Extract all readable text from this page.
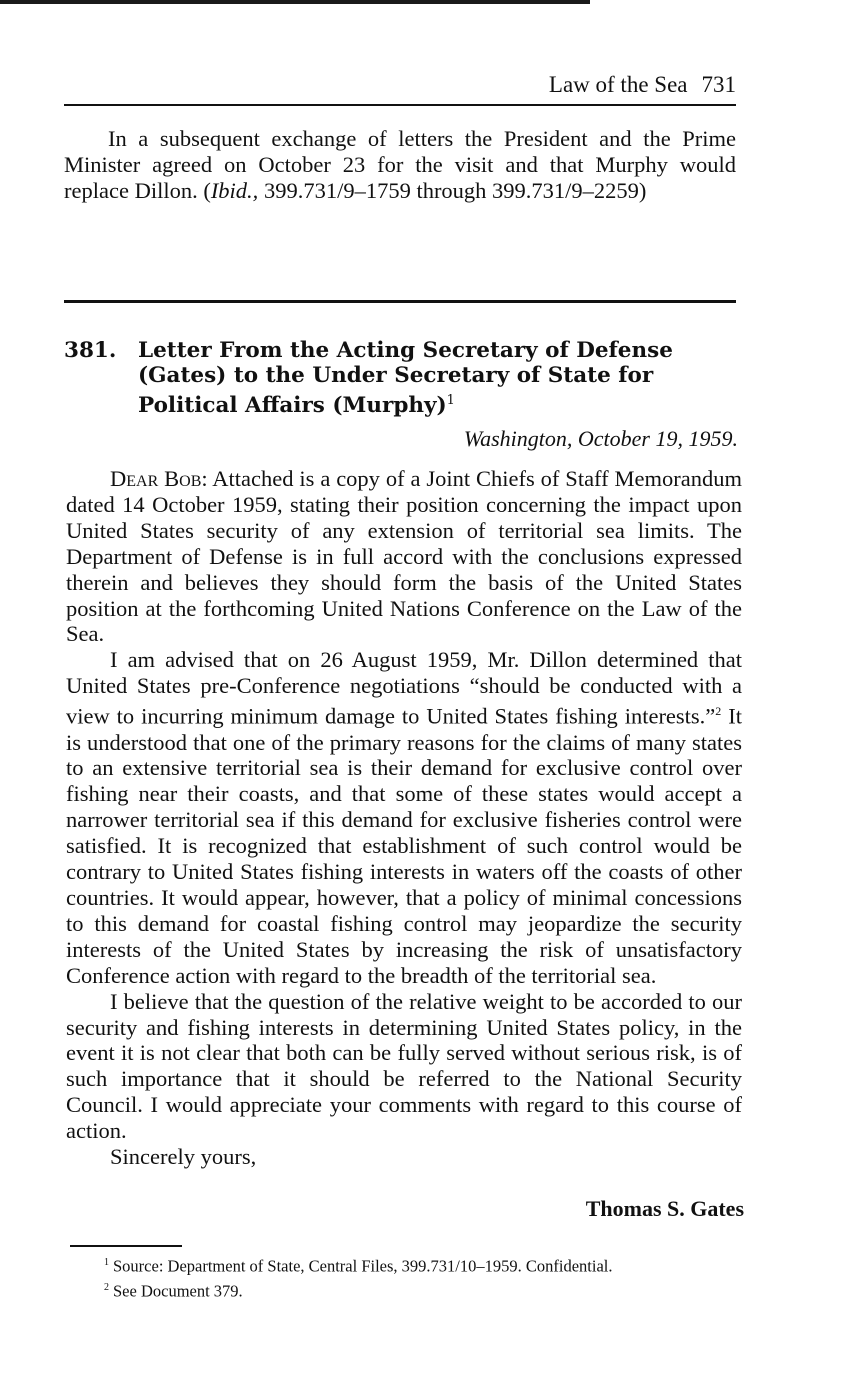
Law of the Sea 731

In a subsequent exchange of letters the President and the Prime Minister agreed on October 23 for the visit and that Murphy would replace Dillon. (Ibid., 399.731/9–1759 through 399.731/9–2259)

381. Letter From the Acting Secretary of Defense (Gates) to the Under Secretary of State for Political Affairs (Murphy)$^1$
Washington, October 19, 1959.

Dear Bob: Attached is a copy of a Joint Chiefs of Staff Memorandum dated 14 October 1959, stating their position concerning the impact upon United States security of any extension of territorial sea limits. The Department of Defense is in full accord with the conclusions expressed therein and believes they should form the basis of the United States position at the forthcoming United Nations Conference on the Law of the Sea.

I am advised that on 26 August 1959, Mr. Dillon determined that United States pre-Conference negotiations “should be conducted with a view to incurring minimum damage to United States fishing interests.”$^2$ It is understood that one of the primary reasons for the claims of many states to an extensive territorial sea is their demand for exclusive control over fishing near their coasts, and that some of these states would accept a narrower territorial sea if this demand for exclusive fisheries control were satisfied. It is recognized that establishment of such control would be contrary to United States fishing interests in waters off the coasts of other countries. It would appear, however, that a policy of minimal concessions to this demand for coastal fishing control may jeopardize the security interests of the United States by increasing the risk of unsatisfactory Conference action with regard to the breadth of the territorial sea.

I believe that the question of the relative weight to be accorded to our security and fishing interests in determining United States policy, in the event it is not clear that both can be fully served without serious risk, is of such importance that it should be referred to the National Security Council. I would appreciate your comments with regard to this course of action.

Sincerely yours,

Thomas S. Gates

$^1$ Source: Department of State, Central Files, 399.731/10–1959. Confidential.

$^2$ See Document 379.
